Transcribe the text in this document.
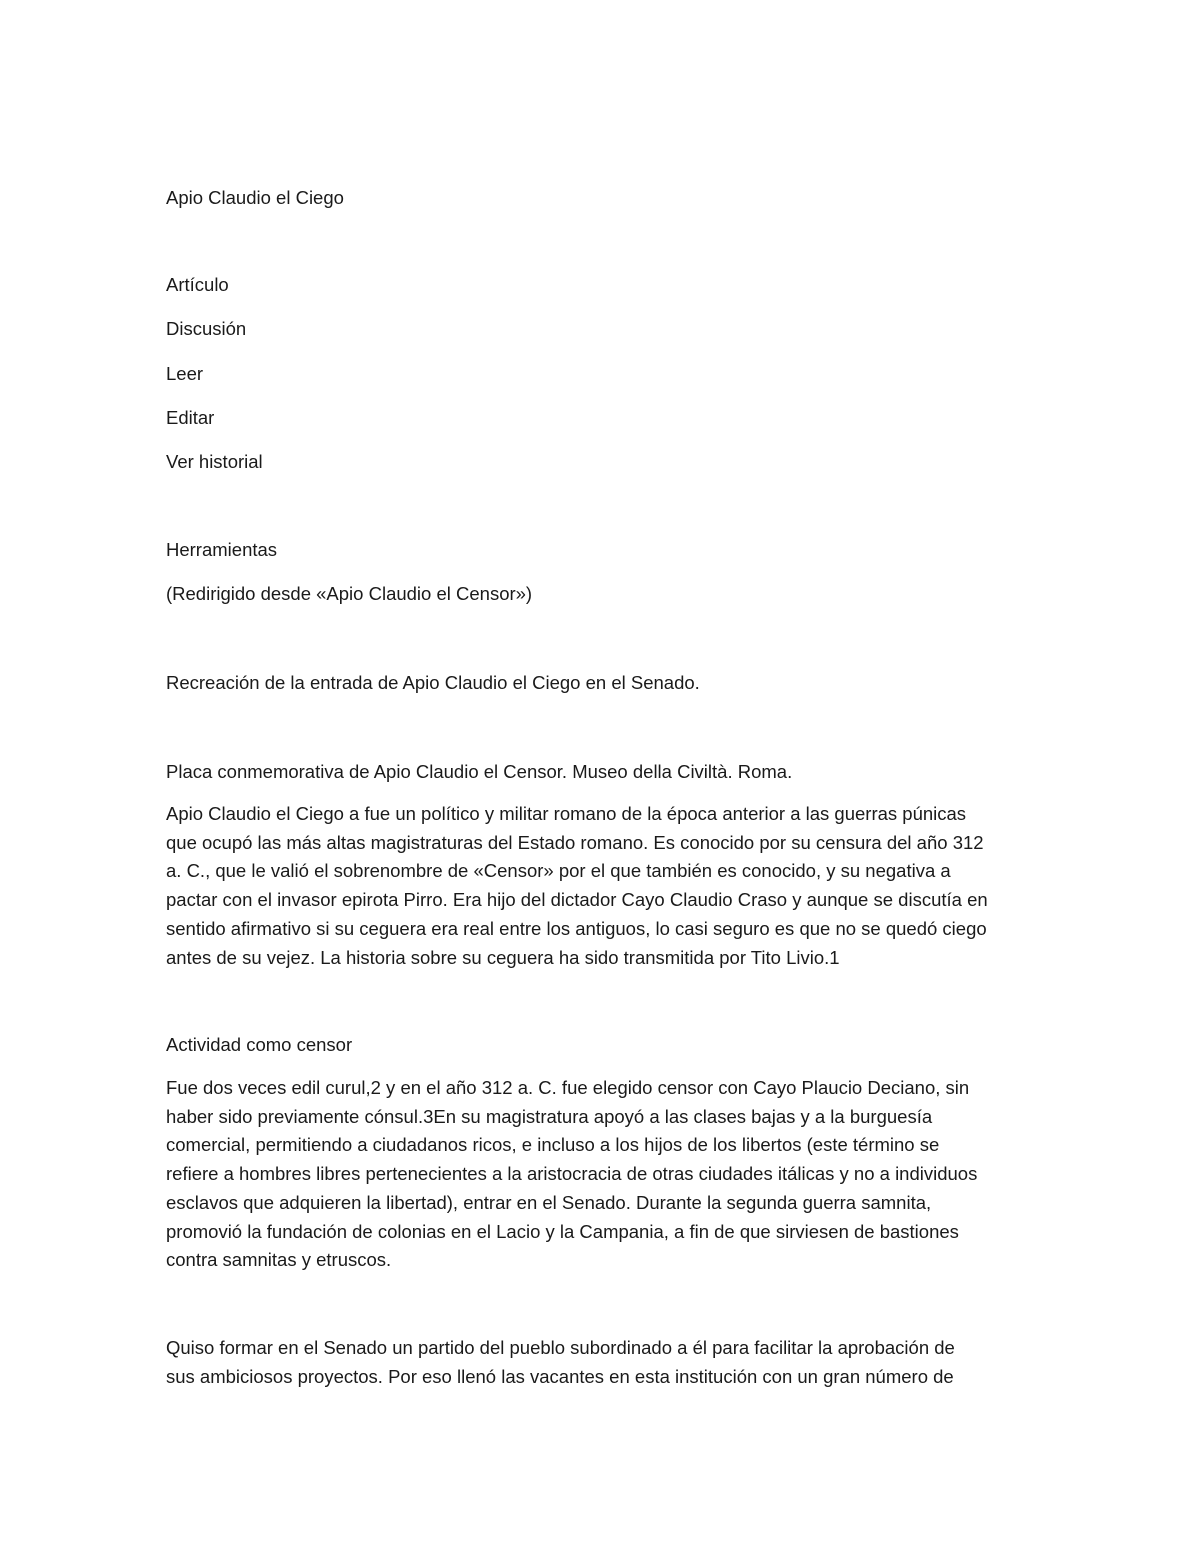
Apio Claudio el Ciego

Artículo

Discusión

Leer

Editar

Ver historial

Herramientas

(Redirigido desde «Apio Claudio el Censor»)

Recreación de la entrada de Apio Claudio el Ciego en el Senado.

Placa conmemorativa de Apio Claudio el Censor. Museo della Civiltà. Roma.

Apio Claudio el Ciego a fue un político y militar romano de la época anterior a las guerras púnicas
que ocupó las más altas magistraturas del Estado romano. Es conocido por su censura del año 312
a. C., que le valió el sobrenombre de «Censor» por el que también es conocido, y su negativa a
pactar con el invasor epirota Pirro. Era hijo del dictador Cayo Claudio Craso y aunque se discutía en
sentido afirmativo si su ceguera era real entre los antiguos, lo casi seguro es que no se quedó ciego
antes de su vejez. La historia sobre su ceguera ha sido transmitida por Tito Livio.1

Actividad como censor

Fue dos veces edil curul,2 y en el año 312 a. C. fue elegido censor con Cayo Plaucio Deciano, sin
haber sido previamente cónsul.3En su magistratura apoyó a las clases bajas y a la burguesía
comercial, permitiendo a ciudadanos ricos, e incluso a los hijos de los libertos (este término se
refiere a hombres libres pertenecientes a la aristocracia de otras ciudades itálicas y no a individuos
esclavos que adquieren la libertad), entrar en el Senado. Durante la segunda guerra samnita,
promovió la fundación de colonias en el Lacio y la Campania, a fin de que sirviesen de bastiones
contra samnitas y etruscos.
Quiso formar en el Senado un partido del pueblo subordinado a él para facilitar la aprobación de
sus ambiciosos proyectos. Por eso llenó las vacantes en esta institución con un gran número de
